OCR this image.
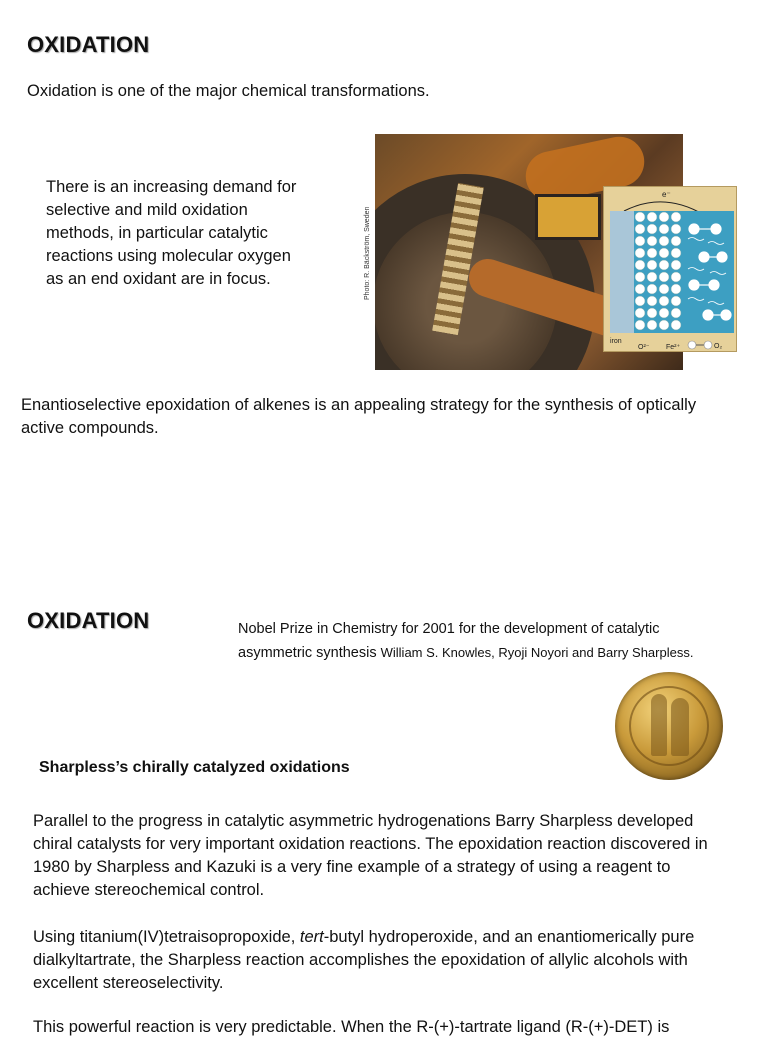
OXIDATION
Oxidation is one of the major chemical transformations.
There is an increasing demand for selective and mild oxidation methods, in particular catalytic reactions using molecular oxygen as an end oxidant are in focus.	Photo: R. Bäckström, Sweden
e⁻
iron
O²⁻ Fe²⁺	O₂
Enantioselective epoxidation of alkenes is an appealing strategy for the synthesis of optically active compounds.
OXIDATION	Nobel Prize in Chemistry for 2001 for the development of catalytic
asymmetric synthesis William S. Knowles, Ryoji Noyori and Barry Sharpless.
Sharpless’s chirally catalyzed oxidations
Parallel to the progress in catalytic asymmetric hydrogenations Barry Sharpless developed chiral catalysts for very important oxidation reactions. The epoxidation reaction discovered in 1980 by Sharpless and Kazuki is a very fine example of a strategy of using a reagent to achieve stereochemical control.
Using titanium(IV)tetraisopropoxide, tert-butyl hydroperoxide, and an enantiomerically pure dialkyltartrate, the Sharpless reaction accomplishes the epoxidation of allylic alcohols with excellent stereoselectivity.
This powerful reaction is very predictable. When the R-(+)-tartrate ligand (R-(+)-DET) is
